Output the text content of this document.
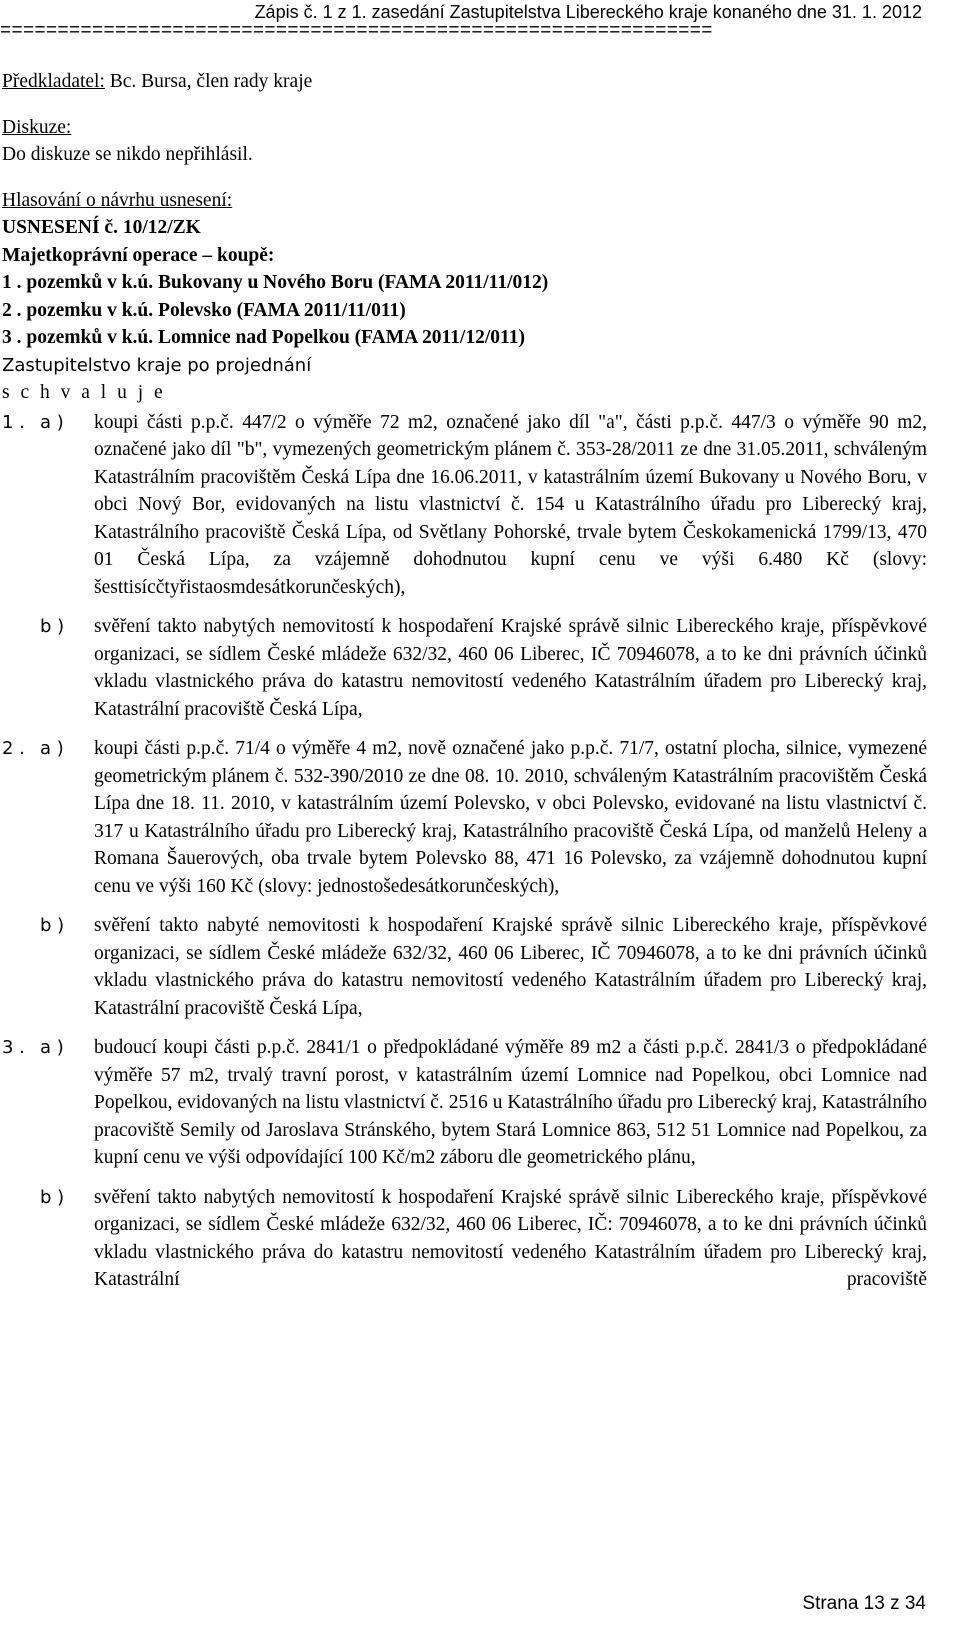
Zápis č. 1 z 1. zasedání Zastupitelstva Libereckého kraje konaného dne 31. 1. 2012
==============================================================
Předkladatel: Bc. Bursa, člen rady kraje
Diskuze:
Do diskuze se nikdo nepřihlásil.
Hlasování o návrhu usnesení:
USNESENÍ č. 10/12/ZK
Majetkoprávní operace – koupě:
1 . pozemků v k.ú. Bukovany u Nového Boru (FAMA 2011/11/012)
2 . pozemku v k.ú. Polevsko (FAMA 2011/11/011)
3 . pozemků v k.ú. Lomnice nad Popelkou (FAMA 2011/12/011)
Zastupitelstvo kraje po projednání
s c h v a l u j e
1 . a )	koupi části p.p.č. 447/2 o výměře 72 m2, označené jako díl "a", části p.p.č. 447/3 o výměře 90 m2, označené jako díl "b", vymezených geometrickým plánem č. 353-28/2011 ze dne 31.05.2011, schváleným Katastrálním pracovištěm Česká Lípa dne 16.06.2011, v katastrálním území Bukovany u Nového Boru, v obci Nový Bor, evidovaných na listu vlastnictví č. 154 u Katastrálního úřadu pro Liberecký kraj, Katastrálního pracoviště Česká Lípa, od Světlany Pohorské, trvale bytem Českokamenická 1799/13, 470 01 Česká Lípa, za vzájemně dohodnutou kupní cenu ve výši 6.480 Kč (slovy: šesttisícčtyřistaosmdesátkorunčeských),
b )	svěření takto nabytých nemovitostí k hospodaření Krajské správě silnic Libereckého kraje, příspěvkové organizaci, se sídlem České mládeže 632/32, 460 06 Liberec, IČ 70946078, a to ke dni právních účinků vkladu vlastnického práva do katastru nemovitostí vedeného Katastrálním úřadem pro Liberecký kraj, Katastrální pracoviště Česká Lípa,
2 . a )	koupi části p.p.č. 71/4 o výměře 4 m2, nově označené jako p.p.č. 71/7, ostatní plocha, silnice, vymezené geometrickým plánem č. 532-390/2010 ze dne 08. 10. 2010, schváleným Katastrálním pracovištěm Česká Lípa dne 18. 11. 2010, v katastrálním území Polevsko, v obci Polevsko, evidované na listu vlastnictví č. 317 u Katastrálního úřadu pro Liberecký kraj, Katastrálního pracoviště Česká Lípa, od manželů Heleny a Romana Šauerových, oba trvale bytem Polevsko 88, 471 16 Polevsko, za vzájemně dohodnutou kupní cenu ve výši 160 Kč (slovy: jednostošedesátkorunčeských),
b )	svěření takto nabyté nemovitosti k hospodaření Krajské správě silnic Libereckého kraje, příspěvkové organizaci, se sídlem České mládeže 632/32, 460 06 Liberec, IČ 70946078, a to ke dni právních účinků vkladu vlastnického práva do katastru nemovitostí vedeného Katastrálním úřadem pro Liberecký kraj, Katastrální pracoviště Česká Lípa,
3 . a )	budoucí koupi části p.p.č. 2841/1 o předpokládané výměře 89 m2 a části p.p.č. 2841/3 o předpokládané výměře 57 m2, trvalý travní porost, v katastrálním území Lomnice nad Popelkou, obci Lomnice nad Popelkou, evidovaných na listu vlastnictví č. 2516 u Katastrálního úřadu pro Liberecký kraj, Katastrálního pracoviště Semily od Jaroslava Stránského, bytem Stará Lomnice 863, 512 51 Lomnice nad Popelkou, za kupní cenu ve výši odpovídající 100 Kč/m2 záboru dle geometrického plánu,
b )	svěření takto nabytých nemovitostí k hospodaření Krajské správě silnic Libereckého kraje, příspěvkové organizaci, se sídlem České mládeže 632/32, 460 06 Liberec, IČ: 70946078, a to ke dni právních účinků vkladu vlastnického práva do katastru nemovitostí vedeného Katastrálním úřadem pro Liberecký kraj, Katastrální pracoviště
Strana 13 z 34
